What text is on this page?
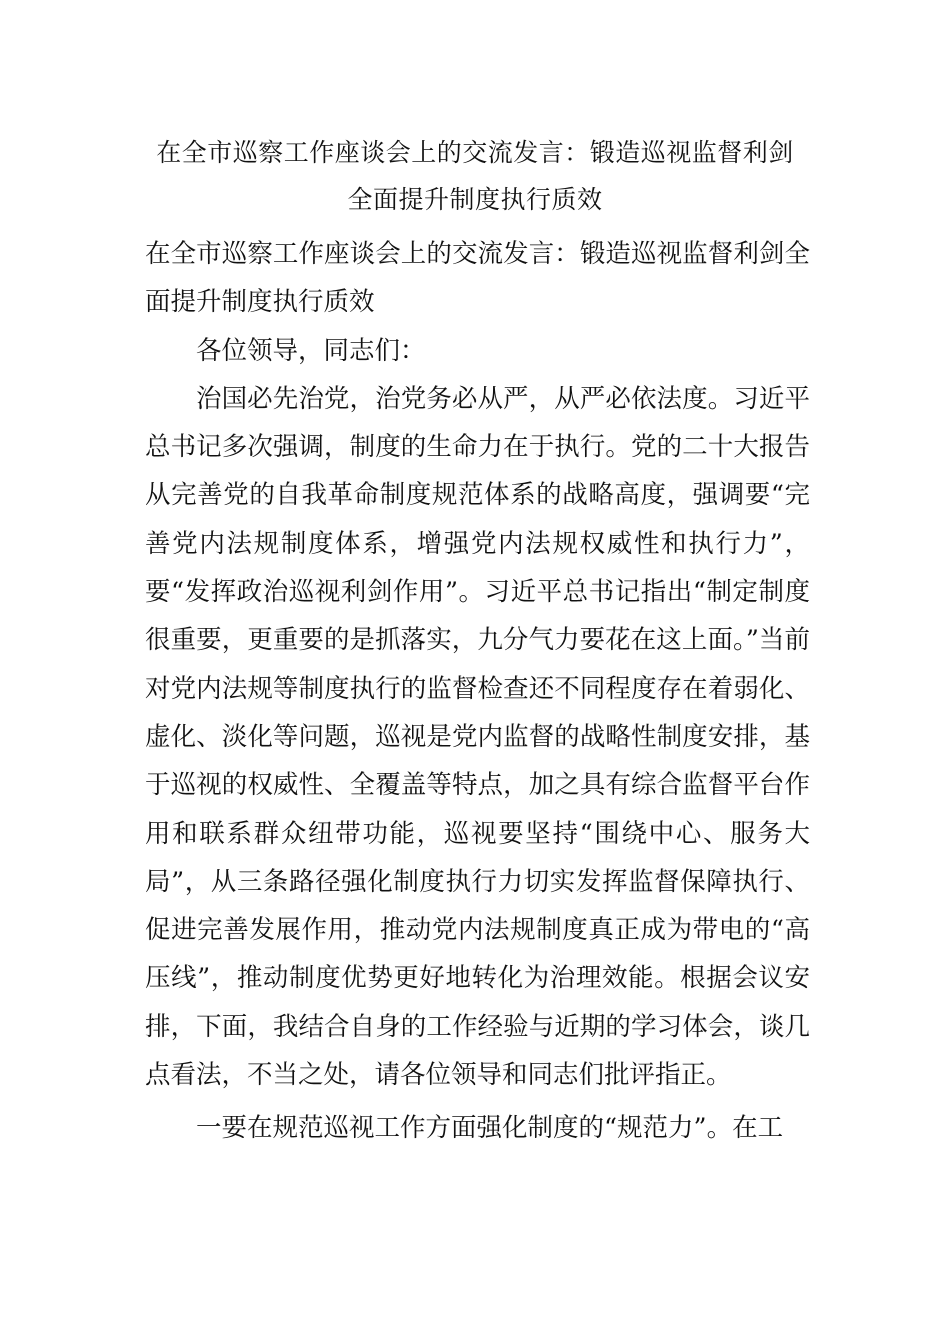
在全市巡察工作座谈会上的交流发言：锻造巡视监督利剑
全面提升制度执行质效

在全市巡察工作座谈会上的交流发言：锻造巡视监督利剑全面提升制度执行质效

各位领导，同志们：

治国必先治党，治党务必从严，从严必依法度。习近平总书记多次强调，制度的生命力在于执行。党的二十大报告从完善党的自我革命制度规范体系的战略高度，强调要“完善党内法规制度体系，增强党内法规权威性和执行力”，要“发挥政治巡视利剑作用”。习近平总书记指出“制定制度很重要，更重要的是抓落实，九分气力要花在这上面。”当前对党内法规等制度执行的监督检查还不同程度存在着弱化、虚化、淡化等问题，巡视是党内监督的战略性制度安排，基于巡视的权威性、全覆盖等特点，加之具有综合监督平台作用和联系群众纽带功能，巡视要坚持“围绕中心、服务大局”，从三条路径强化制度执行力切实发挥监督保障执行、促进完善发展作用，推动党内法规制度真正成为带电的“高压线”，推动制度优势更好地转化为治理效能。根据会议安排，下面，我结合自身的工作经验与近期的学习体会，谈几点看法，不当之处，请各位领导和同志们批评指正。

一要在规范巡视工作方面强化制度的“规范力”。在工
